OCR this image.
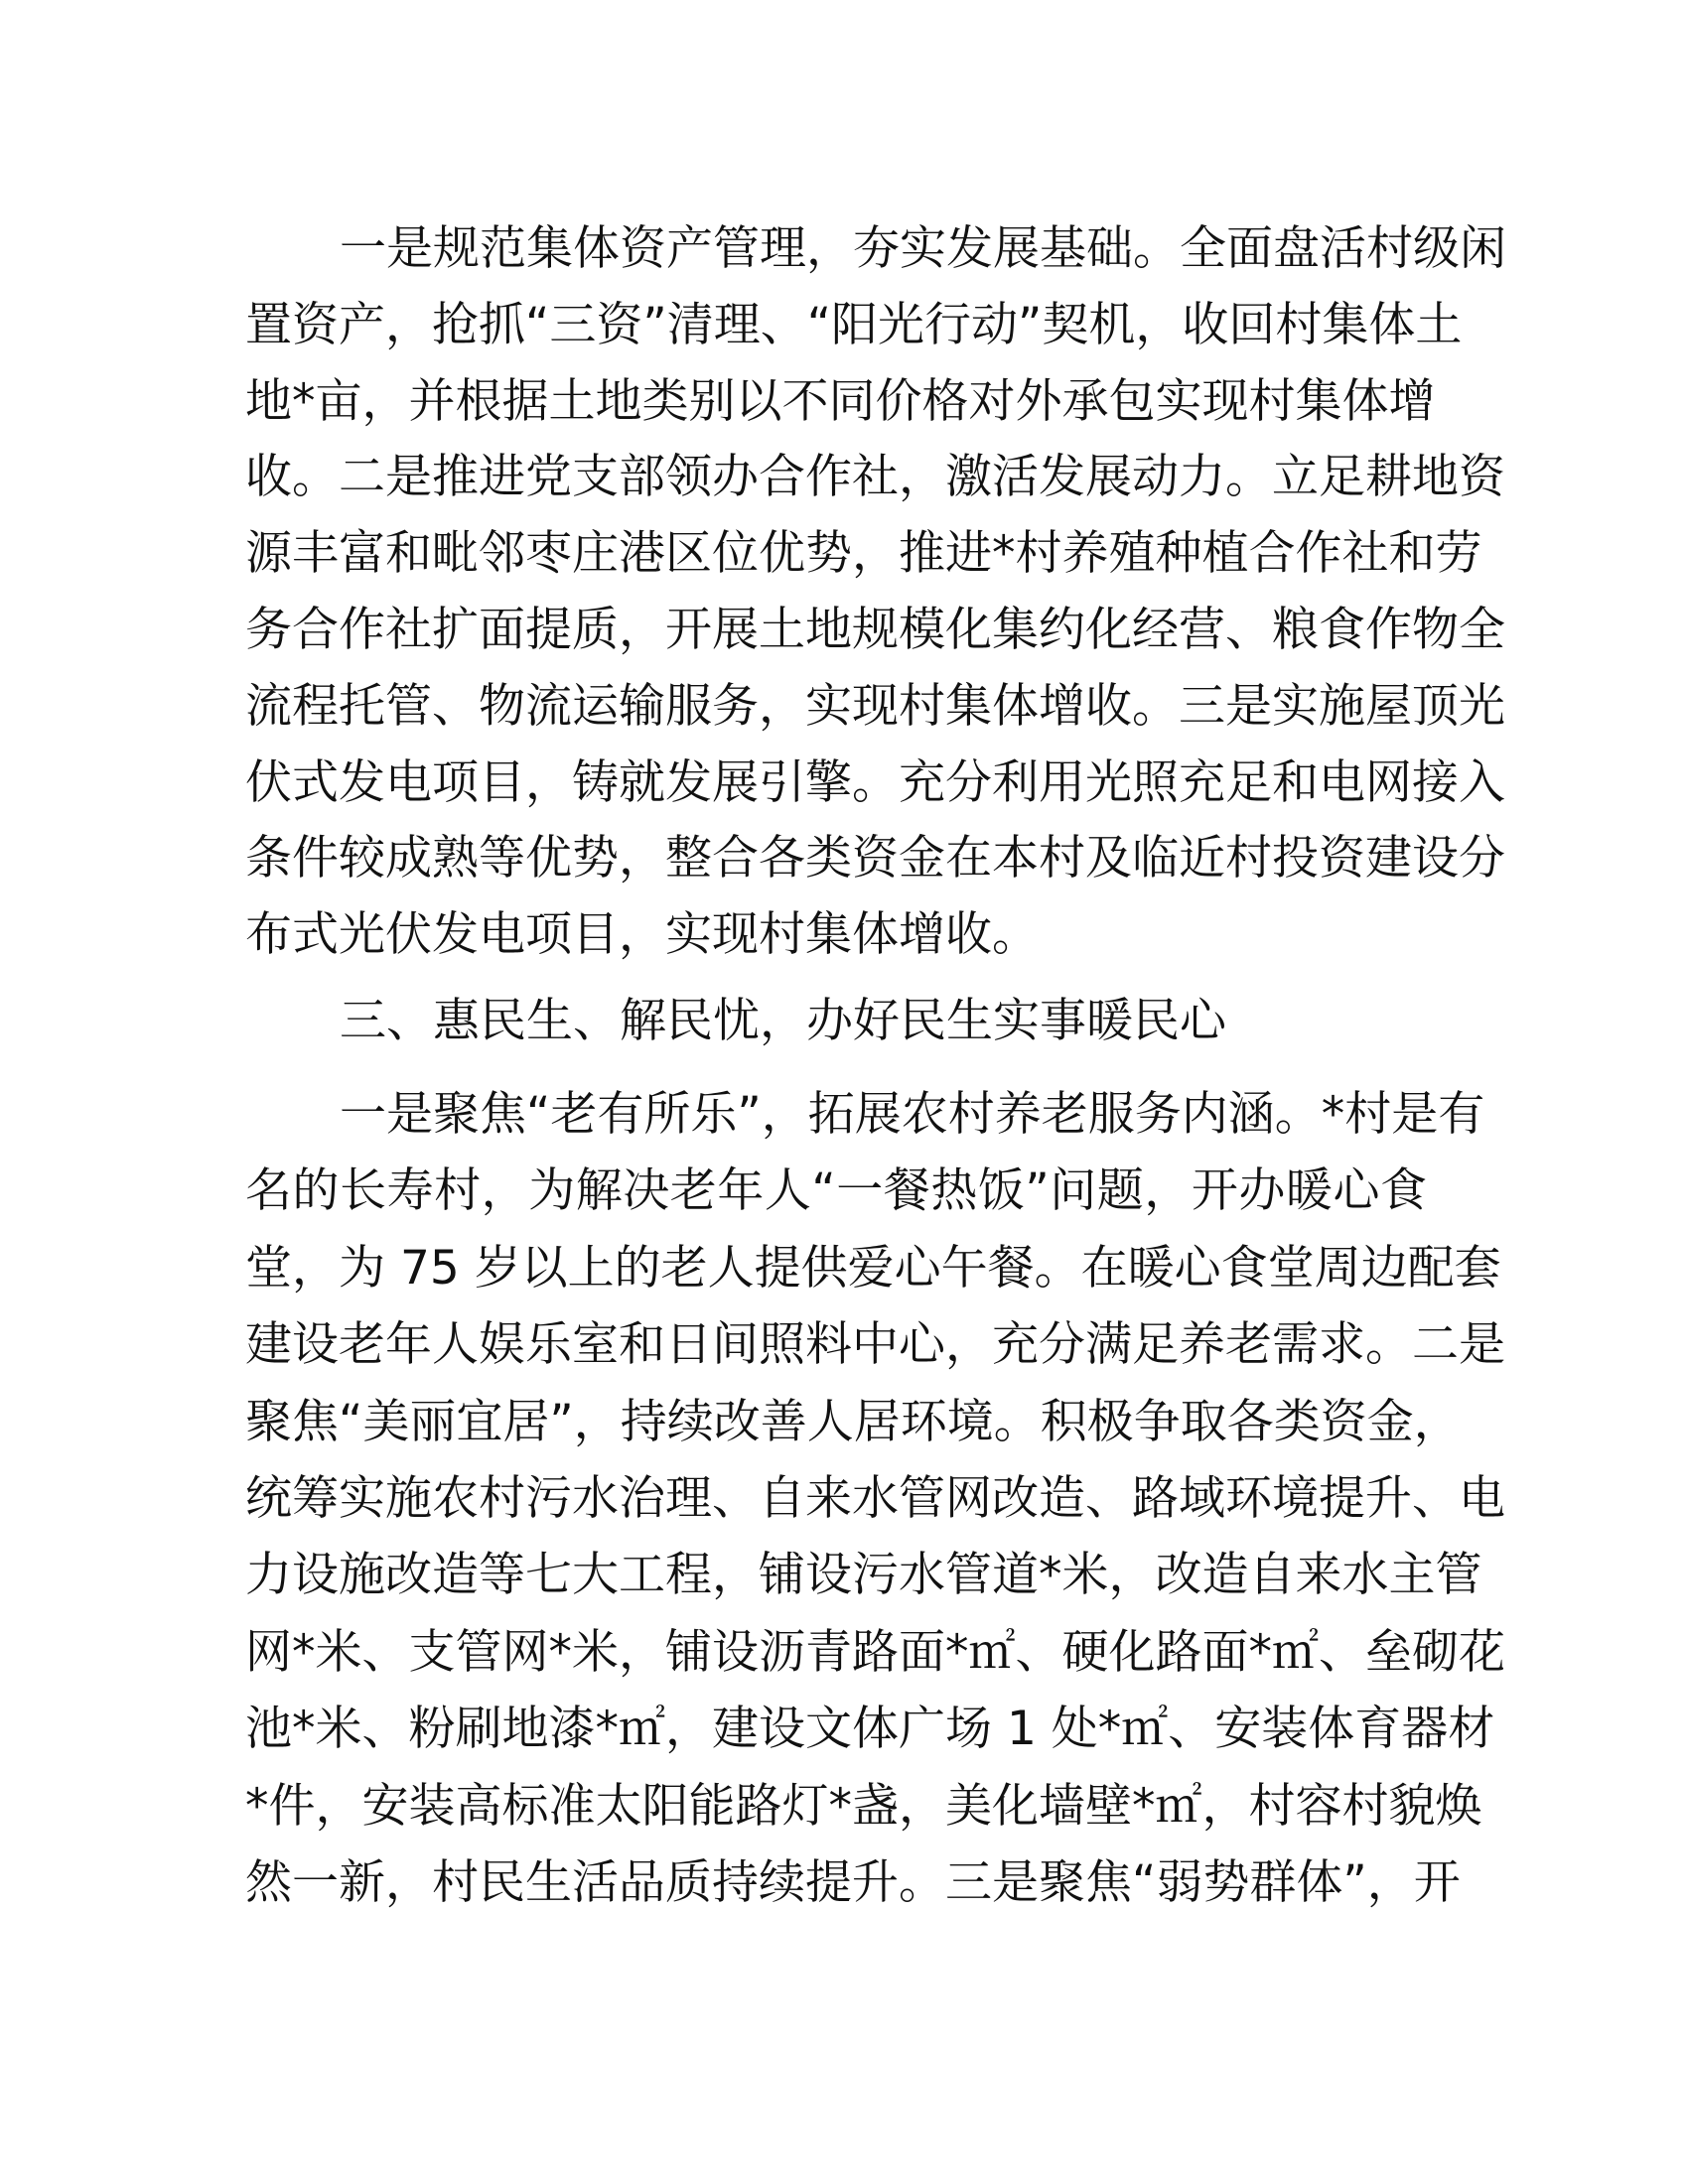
一是规范集体资产管理，夯实发展基础。全面盘活村级闲
置资产，抢抓“三资”清理、“阳光行动”契机，收回村集体土
地*亩，并根据土地类别以不同价格对外承包实现村集体增
收。二是推进党支部领办合作社，激活发展动力。立足耕地资
源丰富和毗邻枣庄港区位优势，推进*村养殖种植合作社和劳
务合作社扩面提质，开展土地规模化集约化经营、粮食作物全
流程托管、物流运输服务，实现村集体增收。三是实施屋顶光
伏式发电项目，铸就发展引擎。充分利用光照充足和电网接入
条件较成熟等优势，整合各类资金在本村及临近村投资建设分
布式光伏发电项目，实现村集体增收。
三、惠民生、解民忧，办好民生实事暖民心
一是聚焦“老有所乐”，拓展农村养老服务内涵。*村是有
名的长寿村，为解决老年人“一餐热饭”问题，开办暖心食
堂，为 75 岁以上的老人提供爱心午餐。在暖心食堂周边配套
建设老年人娱乐室和日间照料中心，充分满足养老需求。二是
聚焦“美丽宜居”，持续改善人居环境。积极争取各类资金，
统筹实施农村污水治理、自来水管网改造、路域环境提升、电
力设施改造等七大工程，铺设污水管道*米，改造自来水主管
网*米、支管网*米，铺设沥青路面*㎡、硬化路面*㎡、垒砌花
池*米、粉刷地漆*㎡，建设文体广场 1 处*㎡、安装体育器材
*件，安装高标准太阳能路灯*盏，美化墙壁*㎡，村容村貌焕
然一新，村民生活品质持续提升。三是聚焦“弱势群体”，开
